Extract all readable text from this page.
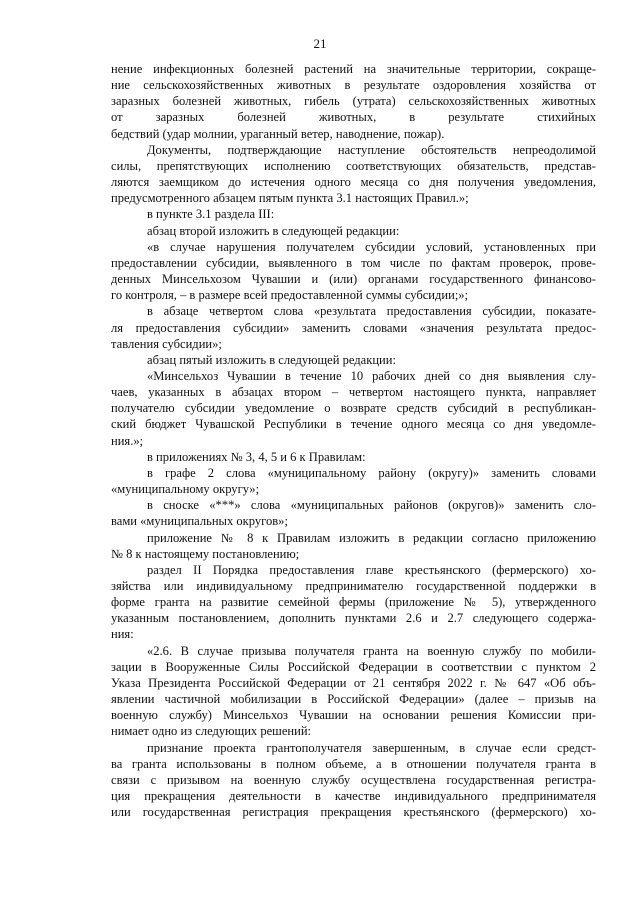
21

нение инфекционных болезней растений на значительные территории, сокраще-

ние сельскохозяйственных животных в результате оздоровления хозяйства от

заразных болезней животных, гибель (утрата) сельскохозяйственных животных

от заразных болезней животных, в результате стихийных

бедствий (удар молнии, ураганный ветер, наводнение, пожар).

Документы, подтверждающие наступление обстоятельств непреодолимой

силы, препятствующих исполнению соответствующих обязательств, представ-

ляются заемщиком до истечения одного месяца со дня получения уведомления,

предусмотренного абзацем пятым пункта 3.1 настоящих Правил.»;

в пункте 3.1 раздела III:

абзац второй изложить в следующей редакции:

«в случае нарушения получателем субсидии условий, установленных при

предоставлении субсидии, выявленного в том числе по фактам проверок, прове-

денных Минсельхозом Чувашии и (или) органами государственного финансово-

го контроля, – в размере всей предоставленной суммы субсидии;»;

в абзаце четвертом слова «результата предоставления субсидии, показате-

ля предоставления субсидии» заменить словами «значения результата предос-

тавления субсидии»;

абзац пятый изложить в следующей редакции:

«Минсельхоз Чувашии в течение 10 рабочих дней со дня выявления слу-

чаев, указанных в абзацах втором – четвертом настоящего пункта, направляет

получателю субсидии уведомление о возврате средств субсидий в республикан-

ский бюджет Чувашской Республики в течение одного месяца со дня уведомле-

ния.»;

в приложениях № 3, 4, 5 и 6 к Правилам:

в графе 2 слова «муниципальному району (округу)» заменить словами

«муниципальному округу»;

в сноске «***» слова «муниципальных районов (округов)» заменить сло-

вами «муниципальных округов»;

приложение № 8 к Правилам изложить в редакции согласно приложению

№ 8 к настоящему постановлению;

раздел II Порядка предоставления главе крестьянского (фермерского) хо-

зяйства или индивидуальному предпринимателю государственной поддержки в

форме гранта на развитие семейной фермы (приложение № 5), утвержденного

указанным постановлением, дополнить пунктами 2.6 и 2.7 следующего содержа-

ния:

«2.6. В случае призыва получателя гранта на военную службу по мобили-

зации в Вооруженные Силы Российской Федерации в соответствии с пунктом 2

Указа Президента Российской Федерации от 21 сентября 2022 г. № 647 «Об объ-

явлении частичной мобилизации в Российской Федерации» (далее – призыв на

военную службу) Минсельхоз Чувашии на основании решения Комиссии при-

нимает одно из следующих решений:

признание проекта грантополучателя завершенным, в случае если средст-

ва гранта использованы в полном объеме, а в отношении получателя гранта в

связи с призывом на военную службу осуществлена государственная регистра-

ция прекращения деятельности в качестве индивидуального предпринимателя

или государственная регистрация прекращения крестьянского (фермерского) хо-
